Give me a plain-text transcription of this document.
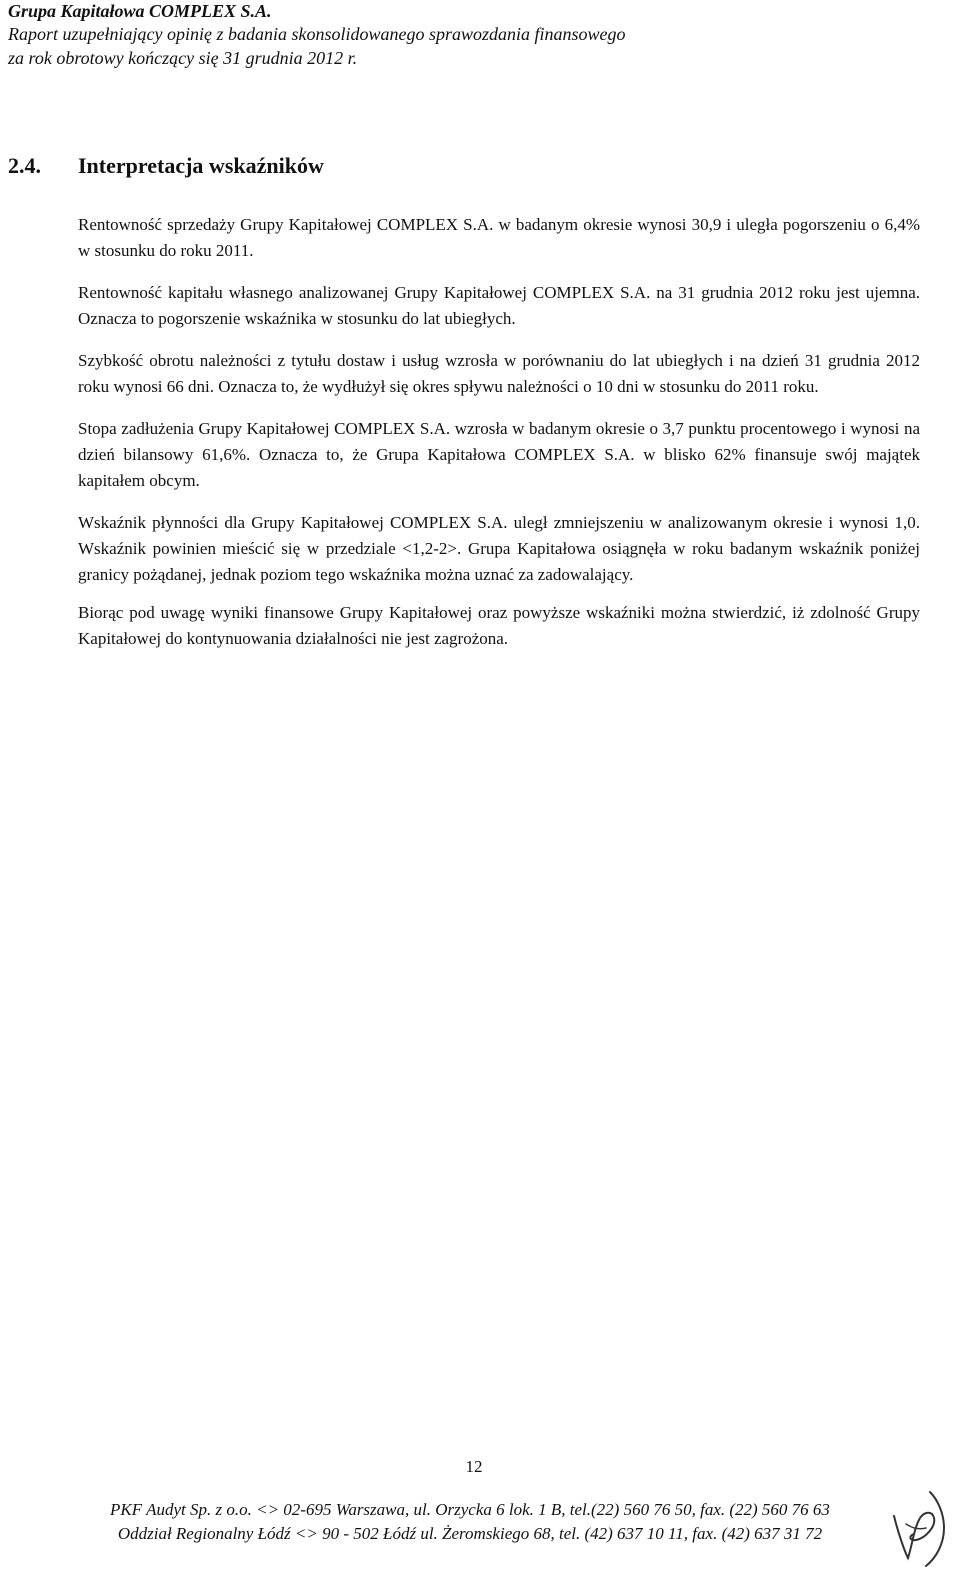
Grupa Kapitałowa COMPLEX S.A.

Raport uzupełniający opinię z badania skonsolidowanego sprawozdania finansowego

za rok obrotowy kończący się 31 grudnia 2012 r.

2.4. Interpretacja wskaźników

Rentowność sprzedaży Grupy Kapitałowej COMPLEX S.A. w badanym okresie wynosi 30,9 i uległa pogorszeniu o 6,4% w stosunku do roku 2011.

Rentowność kapitału własnego analizowanej Grupy Kapitałowej COMPLEX S.A. na 31 grudnia 2012 roku jest ujemna. Oznacza to pogorszenie wskaźnika w stosunku do lat ubiegłych.

Szybkość obrotu należności z tytułu dostaw i usług wzrosła w porównaniu do lat ubiegłych i na dzień 31 grudnia 2012 roku wynosi 66 dni. Oznacza to, że wydłużył się okres spływu należności o 10 dni w stosunku do 2011 roku.

Stopa zadłużenia Grupy Kapitałowej COMPLEX S.A. wzrosła w badanym okresie o 3,7 punktu procentowego i wynosi na dzień bilansowy 61,6%. Oznacza to, że Grupa Kapitałowa COMPLEX S.A. w blisko 62% finansuje swój majątek kapitałem obcym.

Wskaźnik płynności dla Grupy Kapitałowej COMPLEX S.A. uległ zmniejszeniu w analizowanym okresie i wynosi 1,0. Wskaźnik powinien mieścić się w przedziale <1,2-2>. Grupa Kapitałowa osiągnęła w roku badanym wskaźnik poniżej granicy pożądanej, jednak poziom tego wskaźnika można uznać za zadowalający.

Biorąc pod uwagę wyniki finansowe Grupy Kapitałowej oraz powyższe wskaźniki można stwierdzić, iż zdolność Grupy Kapitałowej do kontynuowania działalności nie jest zagrożona.

12

PKF Audyt Sp. z o.o. <> 02-695 Warszawa, ul. Orzycka 6 lok. 1 B, tel.(22) 560 76 50, fax. (22) 560 76 63

Oddział Regionalny Łódź <> 90 - 502 Łódź ul. Żeromskiego 68, tel. (42) 637 10 11, fax. (42) 637 31 72
